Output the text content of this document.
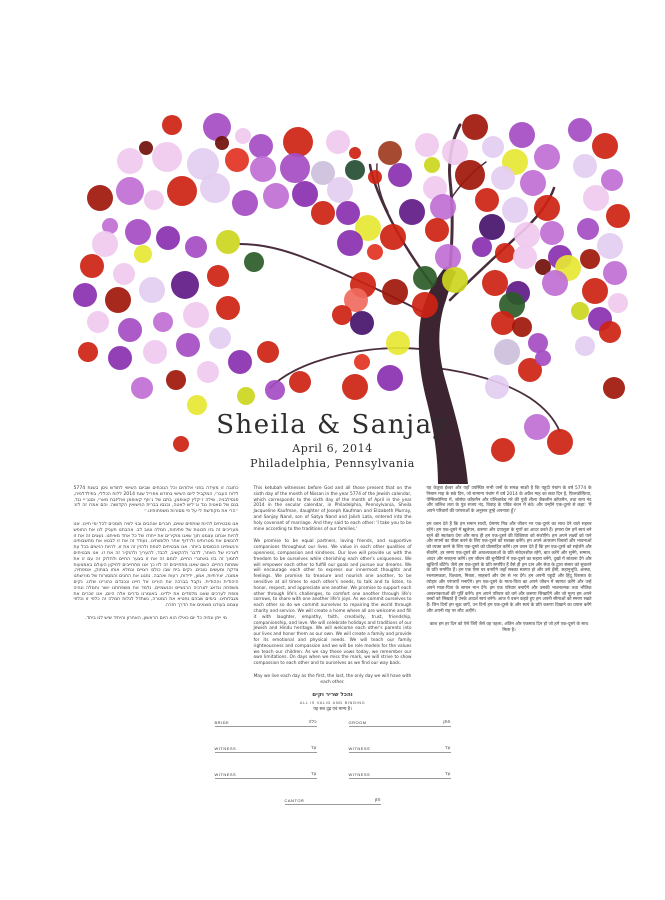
Sheila & Sanjay
April 6, 2014
Philadelphia, Pennsylvania

כתובה זו מעידה בפני אלוהים וכל הנוכחים שביום השישי לחודש ניסן בשנת 5774 ללוח העברי, המקביל ליום השישי בחודש אפריל שנת 2014 ללוח הכללי, בפילדלפיה, פנסילבניה, שילה ז׳קלין קאופמן, בתם של ג׳וזף קאופמן ואליזבת מארי, וסנג׳יי ננד, בנם של סאטיה ננד וג׳ליש לאטה, נכנסו בברית הנישואין הקדושה. והם אמרו זה לזו: ״הרי את מקודשת לי על פי מסורות משפחותינו.״

אנו מבטיחים להיות שותפים שווים, חברים אוהבים ובני לוויה תומכים לכל ימי חיינו. אנו מעריכים זה בזו תכונות של פתיחות, חמלה וטוב לב. אהבתנו תעניק לנו את החופש להיות אנחנו עצמנו תוך שאנו מוקירים את ייחודו של כל אחד מאיתנו. נעצים זה את זו להגשים את מטרותינו ולרדוף אחר חלומותינו. נעודד זה את זו לבטא את מחשבותינו ורגשותינו הכמוסים ביותר. אנו מבטיחים לטפח ולהזין זה את זו, להיות רגישים בכל עת לצרכיו של האחר, לדבר ולהקשיב, לכבד, להעריך ולהוקיר זה את זו. אנו מבטיחים לתמוך זה בזו באתגרי החיים, לנחם זה את זו בצער החיים ולחלוק זה עם זו את שמחות החיים. כשם שאנו מתחייבים זה לזו כך אנו מתחייבים לתיקון העולם באמצעות צדקה ומעשים טובים. נקים בית שבו כולם רצויים ונמלא אותו בצחוק, אמפתיה, אמונה, יצירתיות, אמון, ידידות, רעות ואהבה. נחגוג את החגים והמסורות של מורשתנו היהודית וההודית. נקבל בברכה את הורינו אל חיינו ונכבדם כהורינו שלנו. נקים משפחה ונדאג לצרכיה הרגשיים והגשמיים. נלמד את משפחתנו יושר וחמלה ונהיה מופת לערכים שאנו מלמדים את ילדינו. באומרנו נדרים אלה היום, אנו זוכרים את מגבלותינו. בימים שבהם נחטיא את המטרה, נשתדל לגלות חמלה זה כלפי זו וכלפי עצמנו בעודנו מוצאים את הדרך חזרה.

מי ייתן ונחיה כל יום כאילו הוא היום הראשון, האחרון והיחיד שיש לנו ביחד.

This ketubah witnesses before God and all those present that on the sixth day of the month of Nissan in the year 5774 of the Jewish calendar, which corresponds to the sixth day of the month of April in the year 2014 in the secular calendar, in Philadelphia, Pennsylvania, Sheila Jacqueline Kaufman, daughter of Joseph Kaufman and Elizabeth Murray, and Sanjay Nand, son of Satya Nand and Jalish Lata, entered into the holy covenant of marriage. And they said to each other: 'I take you to be mine according to the traditions of our families.'

We promise to be equal partners, loving friends, and supportive companions throughout our lives. We value in each other qualities of openness, compassion and kindness. Our love will provide us with the freedom to be ourselves while cherishing each other's uniqueness. We will empower each other to fulfill our goals and pursue our dreams. We will encourage each other to express our innermost thoughts and feelings. We promise to treasure and nourish one another, to be sensitive at all times to each other's needs, to talk and to listen, to honor, respect, and appreciate one another. We promise to support each other through life's challenges, to comfort one another through life's sorrows, to share with one another life's joys. As we commit ourselves to each other so do we commit ourselves to repairing the world through charity and service. We will create a home where all are welcome and fill it with laughter, empathy, faith, creativity, trust, friendship, companionship, and love. We will celebrate holidays and traditions of our Jewish and Hindu heritage. We will welcome each other's parents into our lives and honor them as our own. We will create a family and provide for its emotional and physical needs. We will teach our family righteousness and compassion and we will be role models for the values we teach our children. As we say these vows today, we remember our own limitations. On days when we miss the mark, we will strive to show compassion to each other and to ourselves as we find our way back.

May we live each day as the first, the last, the only day we will have with each other.

והכל שריר וקים
ALL IS VALID AND BINDING
यह सब दृढ़ एवं मान्य है।

यह केतुबा ईश्वर और यहाँ उपस्थित सभी जनों के समक्ष साक्षी है कि यहूदी पंचांग के वर्ष 5774 के निसान माह के छठे दिन, जो सामान्य पंचांग में वर्ष 2014 के अप्रैल माह का छठा दिन है, फ़िलाडेल्फ़िया, पेन्सिलवेनिया में, जोसेफ़ कॉफ़मैन और एलिज़ाबेथ मरे की पुत्री शीला जैकलीन कॉफ़मैन, तथा सत्य नंद और जलिश लता के पुत्र संजय नंद, विवाह के पवित्र बंधन में बंधे। और उन्होंने एक-दूसरे से कहा: 'मैं अपने परिवारों की परंपराओं के अनुसार तुम्हें अपनाता हूँ।'

हम वचन देते हैं कि हम समान साथी, प्रेममय मित्र और जीवन भर एक-दूसरे का साथ देने वाले सहचर रहेंगे। हम एक-दूसरे में खुलेपन, करुणा और दयालुता के गुणों का आदर करते हैं। हमारा प्रेम हमें स्वयं बने रहने की स्वतंत्रता देगा और साथ ही हम एक-दूसरे की विशिष्टता को संजोएँगे। हम अपने लक्ष्यों को पाने और सपनों का पीछा करने के लिए एक-दूसरे को सशक्त करेंगे। हम अपने अंतरतम विचारों और भावनाओं को व्यक्त करने के लिए एक-दूसरे को प्रोत्साहित करेंगे। हम वचन देते हैं कि हम एक-दूसरे को सहेजेंगे और सँवारेंगे, हर समय एक-दूसरे की आवश्यकताओं के प्रति संवेदनशील रहेंगे, बात करेंगे और सुनेंगे, सम्मान, आदर और सराहना करेंगे। हम जीवन की चुनौतियों में एक-दूसरे का सहारा बनेंगे, दुखों में सांत्वना देंगे और खुशियाँ बाँटेंगे। जैसे हम एक-दूसरे के प्रति समर्पित हैं वैसे ही हम दान और सेवा के द्वारा संसार को सुधारने के प्रति समर्पित हैं। हम एक ऐसा घर बनाएँगे जहाँ सबका स्वागत हो और उसे हँसी, सहानुभूति, आस्था, रचनात्मकता, विश्वास, मित्रता, साहचर्य और प्रेम से भर देंगे। हम अपनी यहूदी और हिंदू विरासत के त्योहार और परंपराएँ मनाएँगे। हम एक-दूसरे के माता-पिता का अपने जीवन में स्वागत करेंगे और उन्हें अपने माता-पिता के समान मान देंगे। हम एक परिवार बनाएँगे और उसकी भावनात्मक तथा भौतिक आवश्यकताओं की पूर्ति करेंगे। हम अपने परिवार को धर्म और करुणा सिखाएँगे और जो मूल्य हम अपने बच्चों को सिखाते हैं उनके आदर्श स्वयं बनेंगे। आज ये वचन कहते हुए हम अपनी सीमाओं को स्मरण रखते हैं। जिन दिनों हम चूक जाएँ, उन दिनों हम एक-दूसरे के और स्वयं के प्रति करुणा दिखाने का प्रयास करेंगे और अपनी राह पर लौट आएँगे।

काश हम हर दिन को ऐसे जिएँ जैसे वह पहला, अंतिम और एकमात्र दिन हो जो हमें एक-दूसरे के साथ मिला है।

BRIDE	כלה	GROOM	חתן
WITNESS	עד	WITNESS	עד
WITNESS	עד	WITNESS	עד
CANTOR	חזן
